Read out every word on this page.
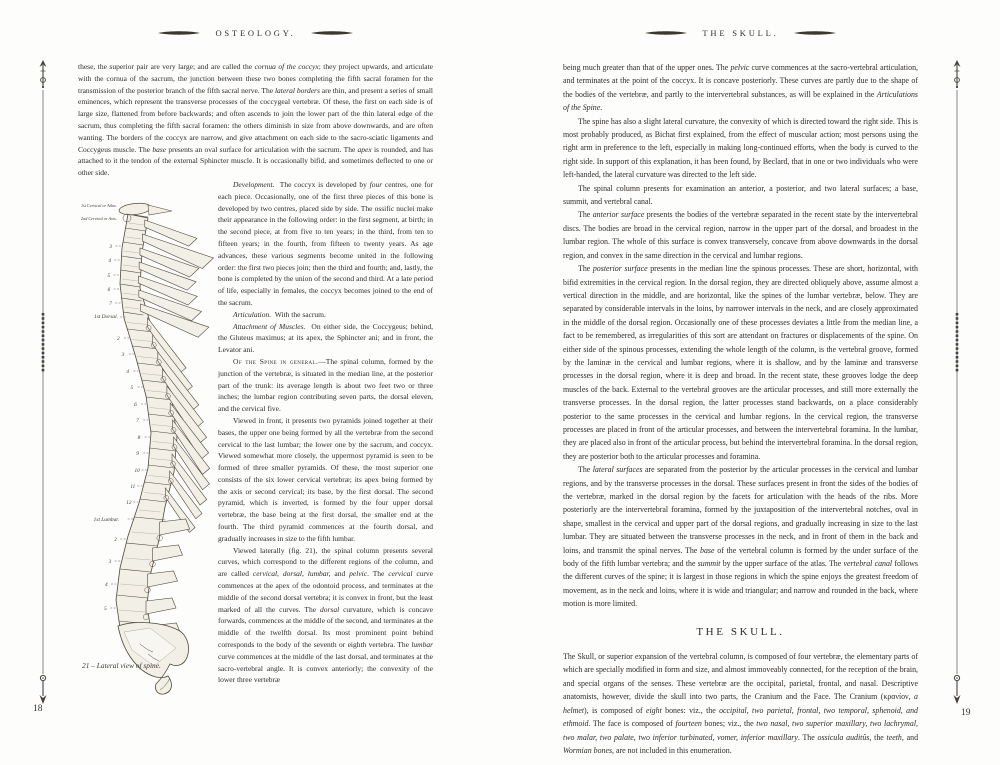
OSTEOLOGY.

these, the superior pair are very large; and are called the cornua of the coccyx; they project upwards, and articulate with the cornua of the sacrum, the junction between these two bones completing the fifth sacral foramen for the transmission of the posterior branch of the fifth sacral nerve. The lateral borders are thin, and present a series of small eminences, which represent the transverse processes of the coccygeal vertebræ. Of these, the first on each side is of large size, flattened from before backwards; and often ascends to join the lower part of the thin lateral edge of the sacrum, thus completing the fifth sacral foramen: the others diminish in size from above downwards, and are often wanting. The borders of the coccyx are narrow, and give attachment on each side to the sacro-sciatic ligaments and Coccygeus muscle. The base presents an oval surface for articulation with the sacrum. The apex is rounded, and has attached to it the tendon of the external Sphincter muscle. It is occasionally bifid, and sometimes deflected to one or other side.

Development.  The coccyx is developed by four centres, one for each piece. Occasionally, one of the first three pieces of this bone is developed by two centres, placed side by side. The ossific nuclei make their appearance in the following order: in the first segment, at birth; in the second piece, at from five to ten years; in the third, from ten to fifteen years; in the fourth, from fifteen to twenty years. As age advances, these various segments become united in the following order: the first two pieces join; then the third and fourth; and, lastly, the bone is completed by the union of the second and third. At a late period of life, especially in females, the coccyx becomes joined to the end of the sacrum.

Articulation.  With the sacrum.

Attachment of Muscles.  On either side, the Coccygeus; behind, the Gluteus maximus; at its apex, the Sphincter ani; and in front, the Levator ani.

Of the Spine in general.—The spinal column, formed by the junction of the vertebræ, is situated in the median line, at the posterior part of the trunk: its average length is about two feet two or three inches; the lumbar region contributing seven parts, the dorsal eleven, and the cervical five.

Viewed in front, it presents two pyramids joined together at their bases, the upper one being formed by all the vertebræ from the second cervical to the last lumbar; the lower one by the sacrum, and coccyx. Viewed somewhat more closely, the uppermost pyramid is seen to be formed of three smaller pyramids. Of these, the most superior one consists of the six lower cervical vertebræ; its apex being formed by the axis or second cervical; its base, by the first dorsal. The second pyramid, which is inverted, is formed by the four upper dorsal vertebræ, the base being at the first dorsal, the smaller end at the fourth. The third pyramid commences at the fourth dorsal, and gradually increases in size to the fifth lumbar.

Viewed laterally (fig. 21), the spinal column presents several curves, which correspond to the different regions of the column, and are called cervical, dorsal, lumbar, and pelvic. The cervical curve commences at the apex of the odontoid process, and terminates at the middle of the second dorsal vertebra; it is convex in front, but the least marked of all the curves. The dorsal curvature, which is concave forwards, commences at the middle of the second, and terminates at the middle of the twelfth dorsal. Its most prominent point behind corresponds to the body of the seventh or eighth vertebra. The lumbar curve commences at the middle of the last dorsal, and terminates at the sacro-vertebral angle. It is convex anteriorly; the convexity of the lower three vertebræ

1st Cervical or Atlas.
2nd Cervical or Axis.
3
4
5
6
7
1st Dorsal.
2
3
4
5
6
7
8
9
10
11
12
1st Lumbar.
2
3
4
5
21 – Lateral view of spine.
THE SKULL.

being much greater than that of the upper ones. The pelvic curve commences at the sacro-vertebral articulation, and terminates at the point of the coccyx. It is concave posteriorly. These curves are partly due to the shape of the bodies of the vertebræ, and partly to the intervertebral substances, as will be explained in the Articulations of the Spine.

The spine has also a slight lateral curvature, the convexity of which is directed toward the right side. This is most probably produced, as Bichat first explained, from the effect of muscular action; most persons using the right arm in preference to the left, especially in making long-continued efforts, when the body is curved to the right side. In support of this explanation, it has been found, by Beclard, that in one or two individuals who were left-handed, the lateral curvature was directed to the left side.

The spinal column presents for examination an anterior, a posterior, and two lateral surfaces; a base, summit, and vertebral canal.

The anterior surface presents the bodies of the vertebræ separated in the recent state by the intervertebral discs. The bodies are broad in the cervical region, narrow in the upper part of the dorsal, and broadest in the lumbar region. The whole of this surface is convex transversely, concave from above downwards in the dorsal region, and convex in the same direction in the cervical and lumbar regions.

The posterior surface presents in the median line the spinous processes. These are short, horizontal, with bifid extremities in the cervical region. In the dorsal region, they are directed obliquely above, assume almost a vertical direction in the middle, and are horizontal, like the spines of the lumbar vertebræ, below. They are separated by considerable intervals in the loins, by narrower intervals in the neck, and are closely approximated in the middle of the dorsal region. Occasionally one of these processes deviates a little from the median line, a fact to be remembered, as irregularities of this sort are attendant on fractures or displacements of the spine. On either side of the spinous processes, extending the whole length of the column, is the vertebral groove, formed by the laminæ in the cervical and lumbar regions, where it is shallow, and by the laminæ and transverse processes in the dorsal region, where it is deep and broad. In the recent state, these grooves lodge the deep muscles of the back. External to the vertebral grooves are the articular processes, and still more externally the transverse processes. In the dorsal region, the latter processes stand backwards, on a place considerably posterior to the same processes in the cervical and lumbar regions. In the cervical region, the transverse processes are placed in front of the articular processes, and between the intervertebral foramina. In the lumbar, they are placed also in front of the articular process, but behind the intervertebral foramina. In the dorsal region, they are posterior both to the articular processes and foramina.

The lateral surfaces are separated from the posterior by the articular processes in the cervical and lumbar regions, and by the transverse processes in the dorsal. These surfaces present in front the sides of the bodies of the vertebræ, marked in the dorsal region by the facets for articulation with the heads of the ribs. More posteriorly are the intervertebral foramina, formed by the juxtaposition of the intervertebral notches, oval in shape, smallest in the cervical and upper part of the dorsal regions, and gradually increasing in size to the last lumbar. They are situated between the transverse processes in the neck, and in front of them in the back and loins, and transmit the spinal nerves. The base of the vertebral column is formed by the under surface of the body of the fifth lumbar vertebra; and the summit by the upper surface of the atlas. The vertebral canal follows the different curves of the spine; it is largest in those regions in which the spine enjoys the greatest freedom of movement, as in the neck and loins, where it is wide and triangular; and narrow and rounded in the back, where motion is more limited.

THE SKULL.

The Skull, or superior expansion of the vertebral column, is composed of four vertebræ, the elementary parts of which are specially modified in form and size, and almost immoveably connected, for the reception of the brain, and special organs of the senses. These vertebræ are the occipital, parietal, frontal, and nasal. Descriptive anatomists, however, divide the skull into two parts, the Cranium and the Face. The Cranium (κρανίον, a helmet), is composed of eight bones: viz., the occipital, two parietal, frontal, two temporal, sphenoid, and ethmoid. The face is composed of fourteen bones; viz., the two nasal, two superior maxillary, two lachrymal, two malar, two palate, two inferior turbinated, vomer, inferior maxillary. The ossicula auditûs, the teeth, and Wormian bones, are not included in this enumeration.

18	19
